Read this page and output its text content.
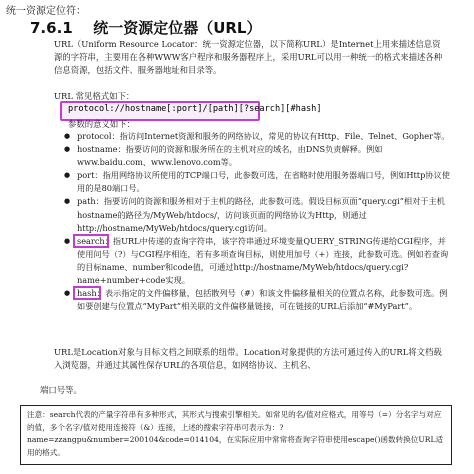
统一资源定位符：
7.6.1 统一资源定位器（URL）
URL（Uniform Resource Locator：统一资源定位器，以下简称URL）是Internet上用来描述信息资源的字符串，主要用在各种WWW客户程序和服务器程序上，采用URL可以用一种统一的格式来描述各种信息资源，包括文件、服务器地址和目录等。
URL 常见格式如下：
protocol://hostname[:port]/[path][?search][#hash]
参数的意义如下：
● protocol：指访问Internet资源和服务的网络协议，常见的协议有Http、File、Telnet、Gopher等。
● hostname：指要访问的资源和服务所在的主机对应的域名，由DNS负责解释。例如www.baidu.com、www.lenovo.com等。
● port：指用网络协议所使用的TCP端口号，此参数可选，在省略时使用服务器端口号，例如Http协议使用的是80端口号。
● path：指要访问的资源和服务相对于主机的路径，此参数可选。假设目标页面“query.cgi”相对于主机hostname的路径为/MyWeb/htdocs/，访问该页面的网络协议为Http，则通过http://hostname/MyWeb/htdocs/query.cgi访问。
●
search：指URL中传递的查询字符串，该字符串通过环境变量QUERY_STRING传递给CGI程序，并使用问号（?）与CGI程序相连，若有多项查询目标，则使用加号（+）连接，此参数可选。例如若查询的目标name、number和code值，可通过http://hostname/MyWeb/htdocs/query.cgi?name+number+code实现。
●
hash：表示指定的文件偏移量，包括散列号（#）和该文件偏移量相关的位置点名称，此参数可选。例如要创建与位置点“MyPart”相关联的文件偏移量链接，可在链接的URL后添加“#MyPart”。
URL是Location对象与目标文档之间联系的纽带。Location对象提供的方法可通过传入的URL将文档载入浏览器，并通过其属性保存URL的各项信息，如网络协议、主机名、
端口号等。
注意：search代表的产量字符串有多种形式，其形式与搜索引擎相关。如常见的名/值对应格式，用等号（=）分名字与对应的值，多个名字/值对使用连接符（&）连接，上述的搜索字符串可表示为：?name=zzangpu&number=200104&code=014104，在实际应用中常常将查询字符串使用escape()函数转换位URL适用的格式。
